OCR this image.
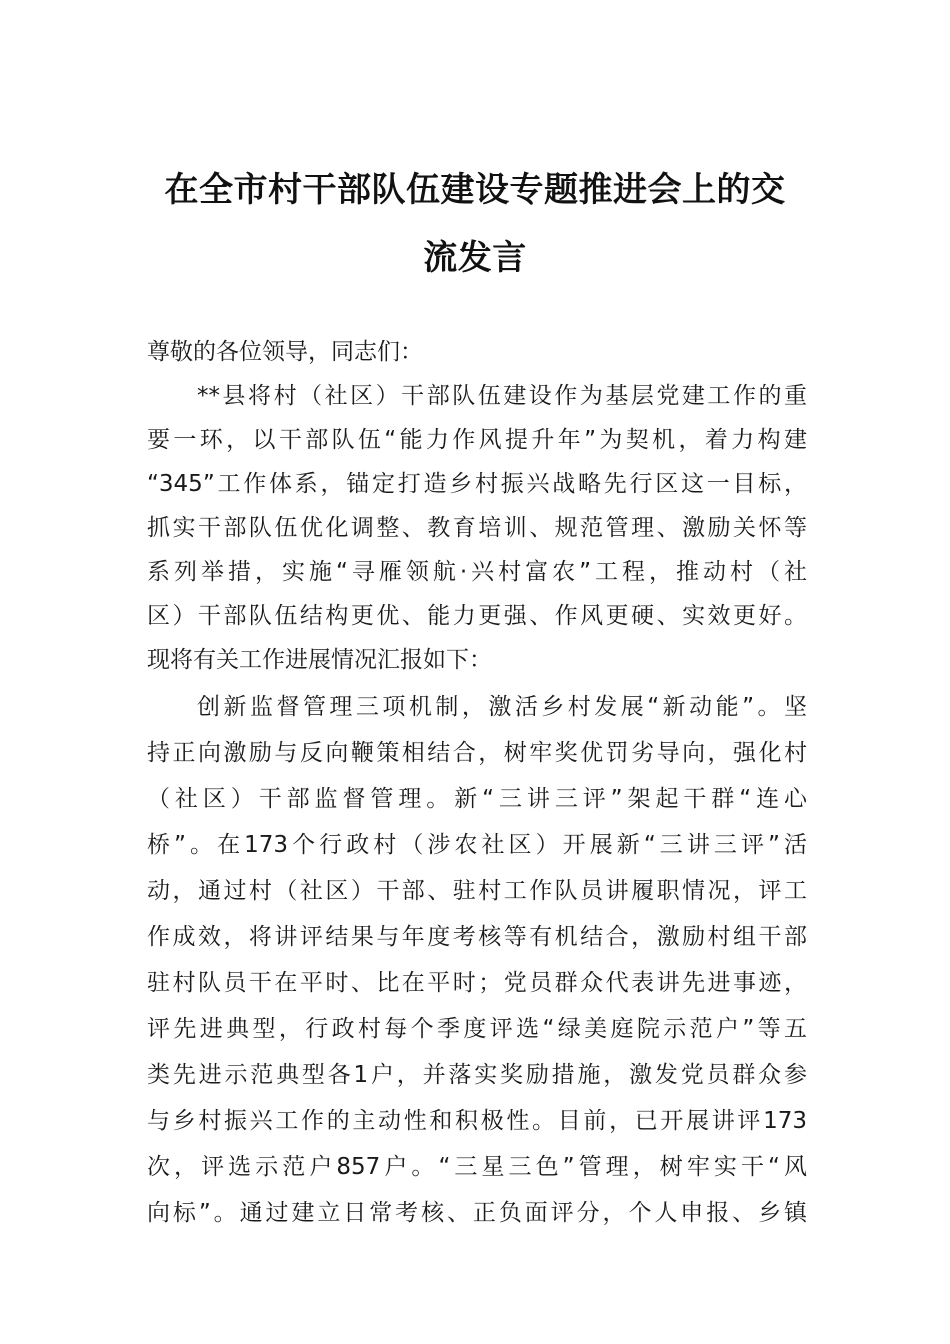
在全市村干部队伍建设专题推进会上的交
流发言
尊敬的各位领导，同志们：
**县将村（社区）干部队伍建设作为基层党建工作的重
要一环，以干部队伍“能力作风提升年”为契机，着力构建
“345”工作体系，锚定打造乡村振兴战略先行区这一目标，
抓实干部队伍优化调整、教育培训、规范管理、激励关怀等
系列举措，实施“寻雁领航·兴村富农”工程，推动村（社
区）干部队伍结构更优、能力更强、作风更硬、实效更好。
现将有关工作进展情况汇报如下：
创新监督管理三项机制，激活乡村发展“新动能”。坚
持正向激励与反向鞭策相结合，树牢奖优罚劣导向，强化村
（社区）干部监督管理。新“三讲三评”架起干群“连心
桥”。在173个行政村（涉农社区）开展新“三讲三评”活
动，通过村（社区）干部、驻村工作队员讲履职情况，评工
作成效，将讲评结果与年度考核等有机结合，激励村组干部
驻村队员干在平时、比在平时；党员群众代表讲先进事迹，
评先进典型，行政村每个季度评选“绿美庭院示范户”等五
类先进示范典型各1户，并落实奖励措施，激发党员群众参
与乡村振兴工作的主动性和积极性。目前，已开展讲评173
次，评选示范户857户。“三星三色”管理，树牢实干“风
向标”。通过建立日常考核、正负面评分，个人申报、乡镇
